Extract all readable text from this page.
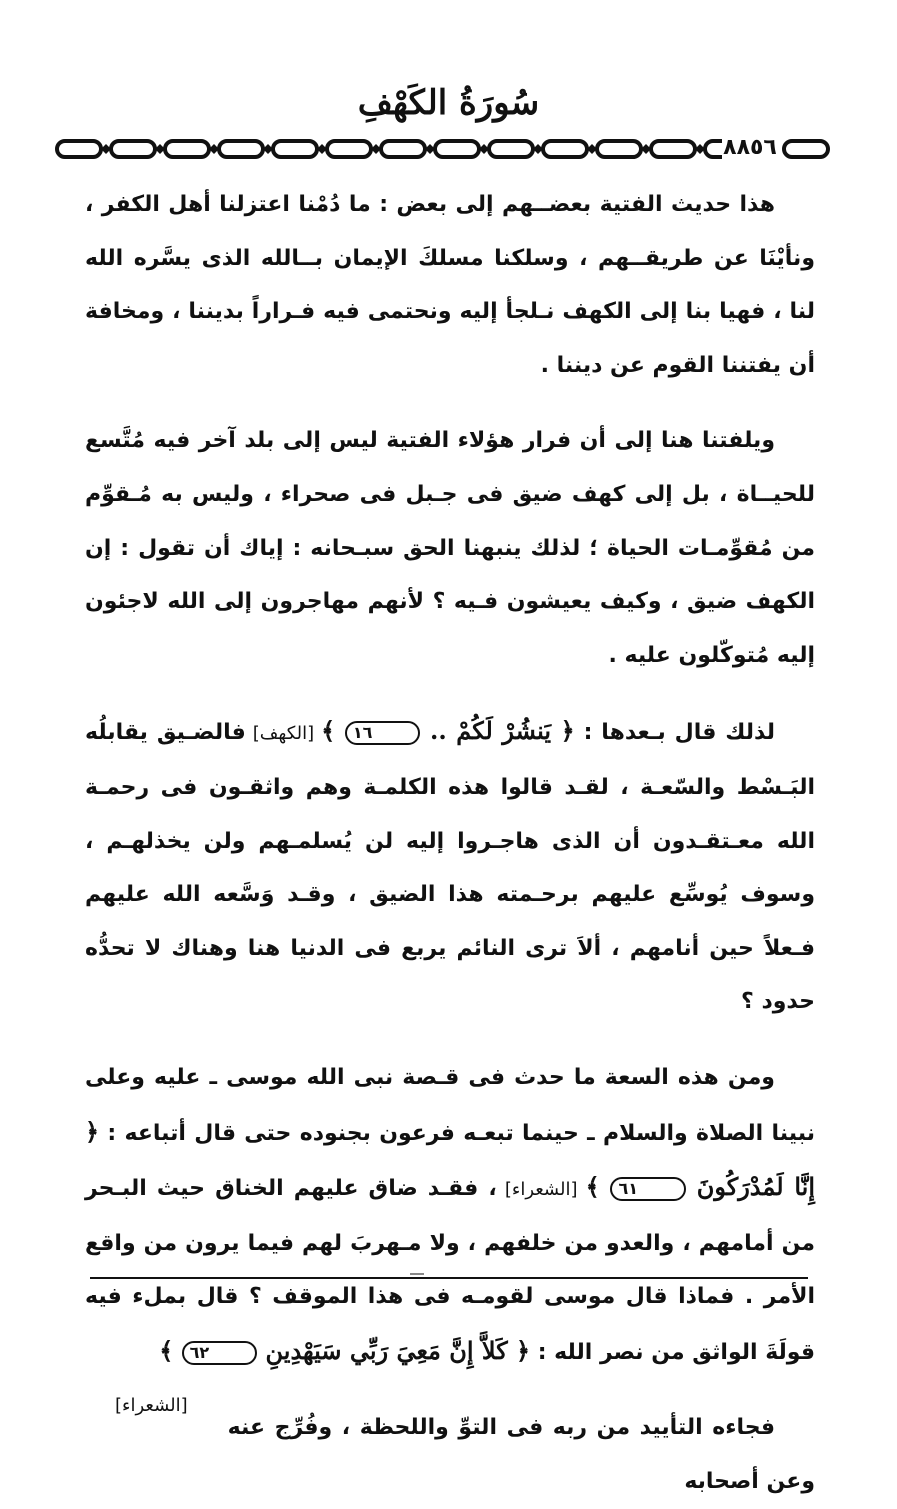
سُورَةُ الكَهْفِ
٨٨٥٦

هذا حديث الفتية بعضــهم إلى بعض : ما دُمْنا اعتزلنا أهل الكفر ، ونأيْنَا عن طريقــهم ، وسلكنا مسلكَ الإيمان بــالله الذى يسَّره الله لنا ، فهيا بنا إلى الكهف نـلجأ إليه ونحتمى فيه فـراراً بديننا ، ومخافة أن يفتننا القوم عن ديننا .

ويلفتنا هنا إلى أن فرار هؤلاء الفتية ليس إلى بلد آخر فيه مُتَّسع للحيــاة ، بل إلى كهف ضيق فى جـبل فى صحراء ، وليس به مُـقوِّم من مُقوِّمـات الحياة ؛ لذلك ينبهنا الحق سبـحانه : إياك أن تقول : إن الكهف ضيق ، وكيف يعيشون فـيه ؟ لأنهم مهاجرون إلى الله لاجئون إليه مُتوكّلون عليه .

لذلك قال بـعدها : ﴿ يَنشُرْ لَكُمْ .. ١٦ ﴾ [الكهف] فالضـيق يقابلُه البَـسْط والسّعـة ، لقـد قالوا هذه الكلمـة وهم واثقـون فى رحمـة الله معـتقـدون أن الذى هاجـروا إليه لن يُسلمـهم ولن يخذلهـم ، وسوف يُوسِّع عليهم برحـمته هذا الضيق ، وقـد وَسَّعه الله عليهم فـعلاً حين أنامهم ، ألاَ ترى النائم يربع فى الدنيا هنا وهناك لا تحدُّه حدود ؟

ومن هذه السعة ما حدث فى قـصة نبى الله موسى ـ عليه وعلى نبينا الصلاة والسلام ـ حينما تبعـه فرعون بجنوده حتى قال أتباعه : ﴿ إِنَّا لَمُدْرَكُونَ ٦١ ﴾ [الشعراء] ، فقـد ضاق عليهم الخناق حيث البـحر من أمامهم ، والعدو من خلفهم ، ولا مـهربَ لهم فيما يرون من واقع الأمر . فماذا قال موسى لقومـه فى هذا الموقف ؟ قال بملء فيه قولَةَ الواثق من نصر الله : ﴿ كَلاَّ إِنَّ مَعِيَ رَبِّي سَيَهْدِينِ ٦٢ ﴾
[الشعراء]

فجاءه التأييد من ربه فى التوِّ واللحظة ، وفُرِّج عنه وعن أصحابه

―
